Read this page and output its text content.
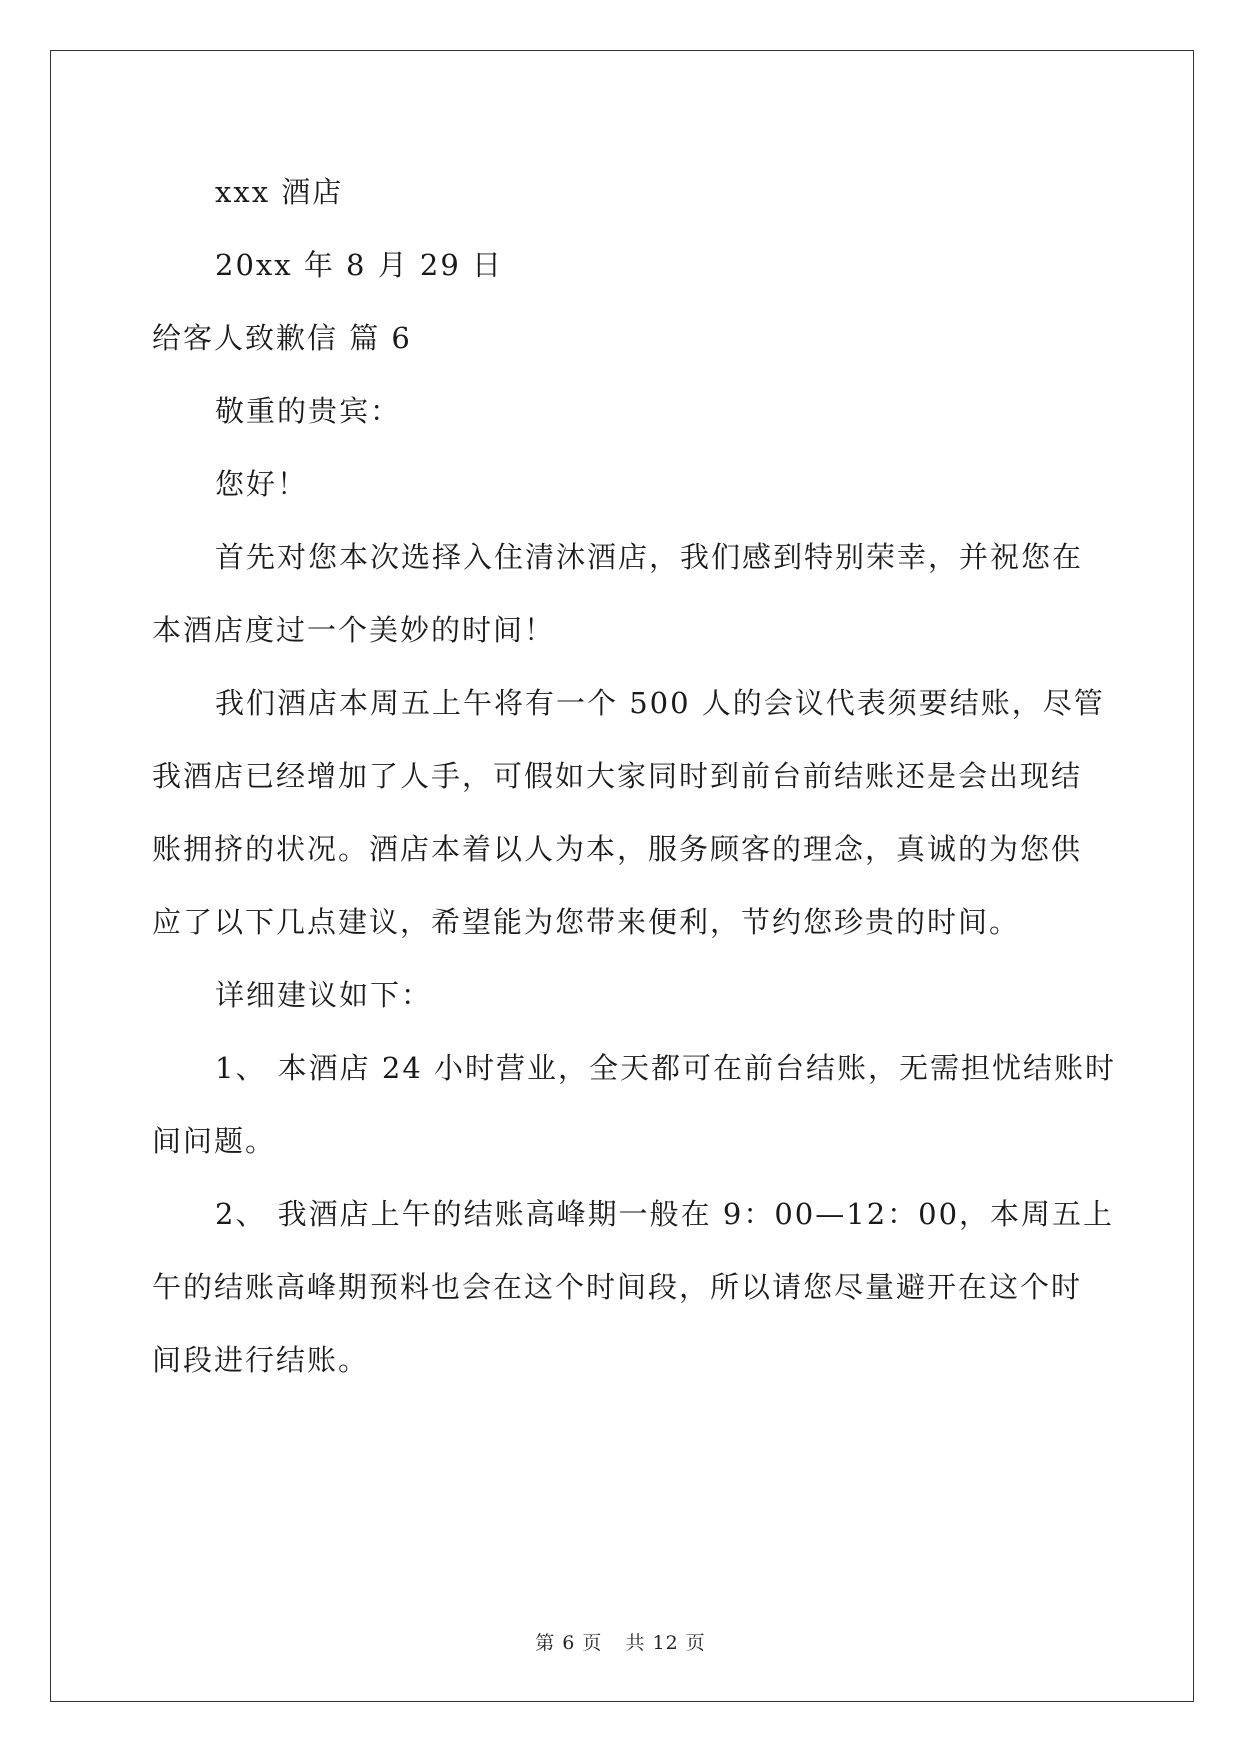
xxx 酒店
20xx 年 8 月 29 日
给客人致歉信 篇 6
敬重的贵宾：
您好！
首先对您本次选择入住清沐酒店，我们感到特别荣幸，并祝您在
本酒店度过一个美妙的时间！
我们酒店本周五上午将有一个 500 人的会议代表须要结账，尽管
我酒店已经增加了人手，可假如大家同时到前台前结账还是会出现结
账拥挤的状况。酒店本着以人为本，服务顾客的理念，真诚的为您供
应了以下几点建议，希望能为您带来便利，节约您珍贵的时间。
详细建议如下：
1、 本酒店 24 小时营业，全天都可在前台结账，无需担忧结账时
间问题。
2、 我酒店上午的结账高峰期一般在 9：00—12：00，本周五上
午的结账高峰期预料也会在这个时间段，所以请您尽量避开在这个时
间段进行结账。
第 6 页 共 12 页
